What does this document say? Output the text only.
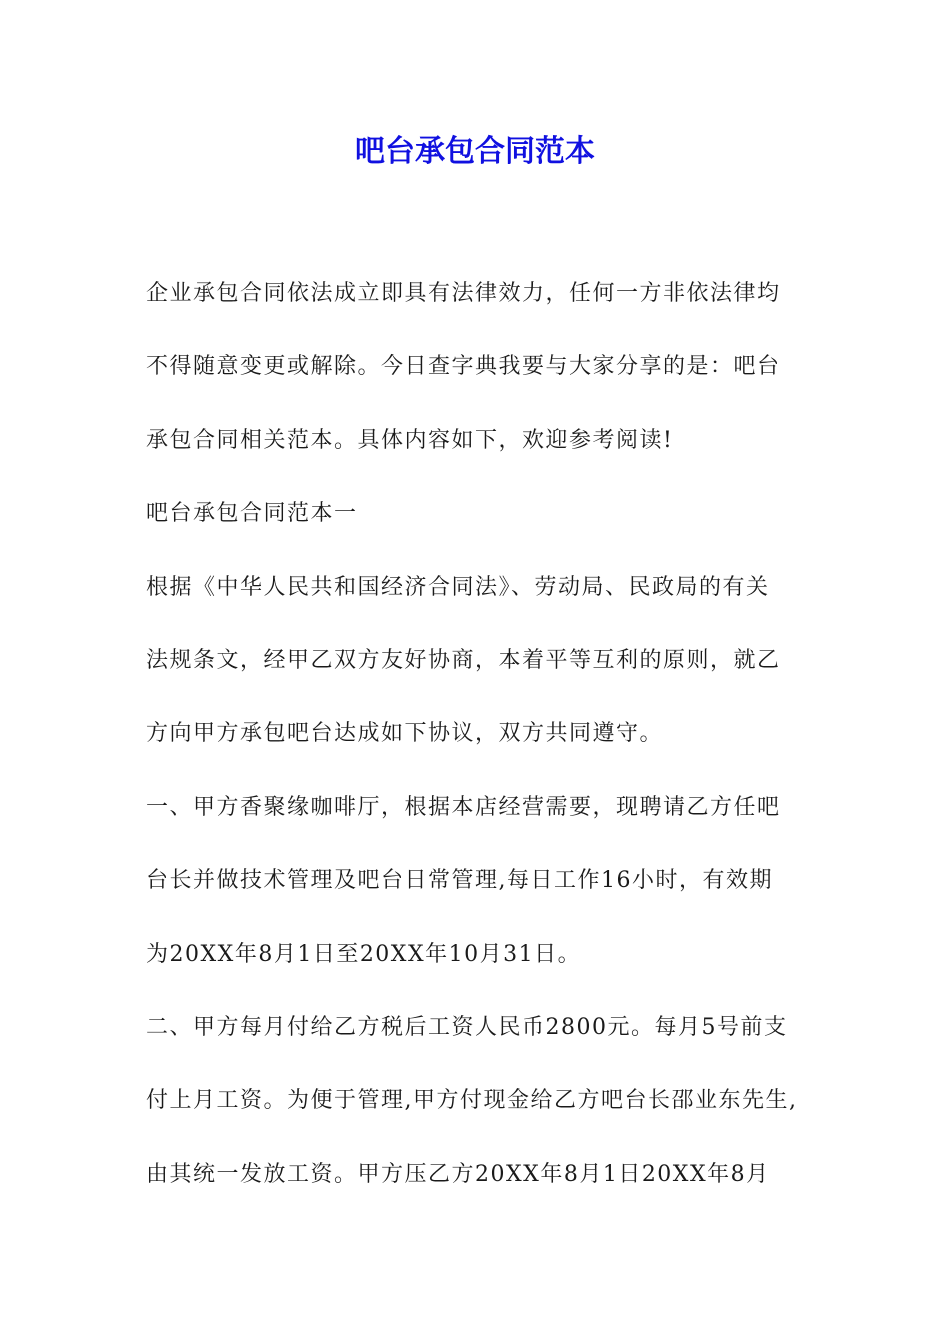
吧台承包合同范本
企业承包合同依法成立即具有法律效力，任何一方非依法律均
不得随意变更或解除。今日查字典我要与大家分享的是：吧台
承包合同相关范本。具体内容如下，欢迎参考阅读!
吧台承包合同范本一
根据《中华人民共和国经济合同法》、劳动局、民政局的有关
法规条文，经甲乙双方友好协商，本着平等互利的原则，就乙
方向甲方承包吧台达成如下协议，双方共同遵守。
一、甲方香聚缘咖啡厅，根据本店经营需要，现聘请乙方任吧
台长并做技术管理及吧台日常管理,每日工作16小时，有效期
为20XX年8月1日至20XX年10月31日。
二、甲方每月付给乙方税后工资人民币2800元。每月5号前支
付上月工资。为便于管理,甲方付现金给乙方吧台长邵业东先生,
由其统一发放工资。甲方压乙方20XX年8月1日20XX年8月
